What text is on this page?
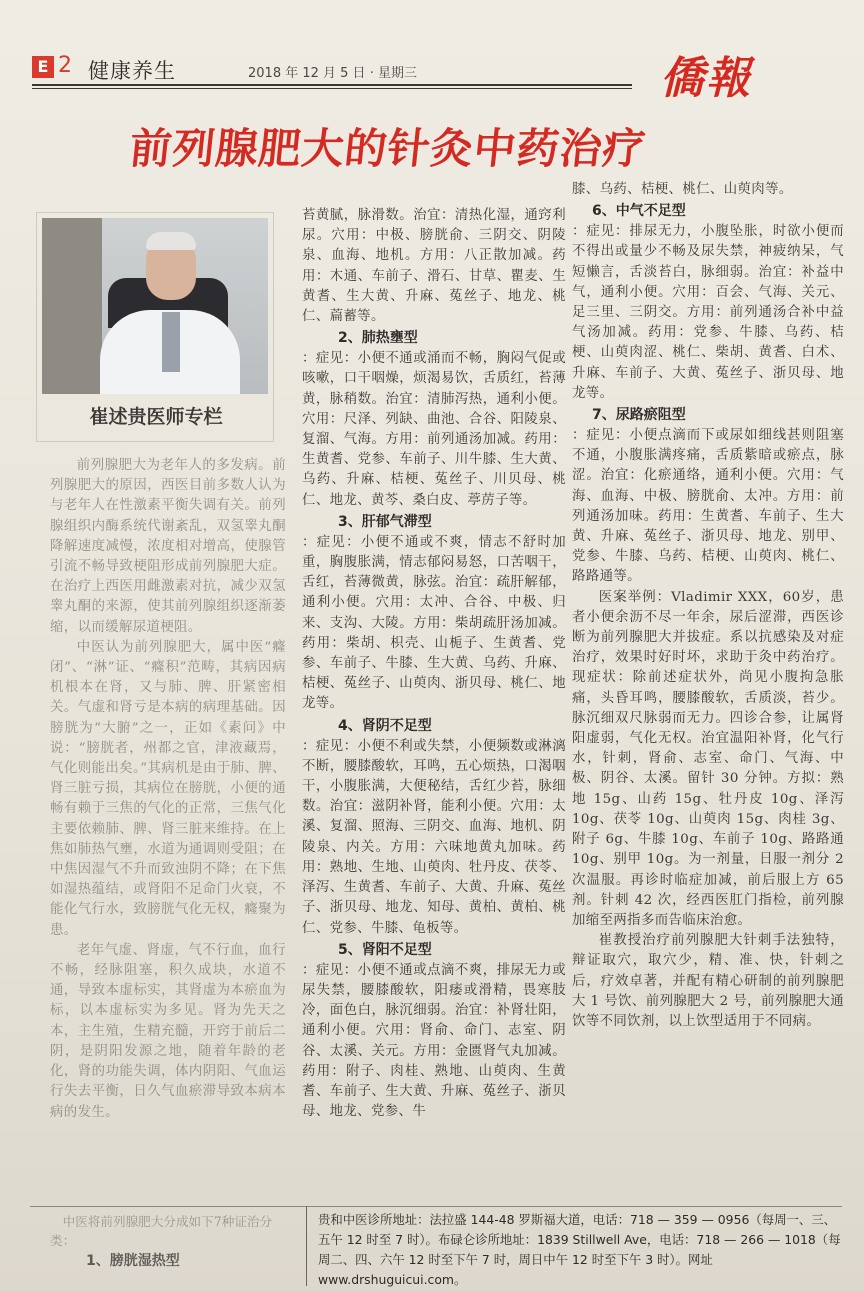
E 2 健康养生	2018 年 12 月 5 日 · 星期三	僑報
前列腺肥大的针灸中药治疗
崔述贵医师专栏

前列腺肥大为老年人的多发病。前列腺肥大的原因，西医目前多数人认为与老年人在性激素平衡失调有关。前列腺组织内酶系统代谢紊乱，双氢睾丸酮降解速度减慢，浓度相对增高，使腺管引流不畅导致梗阻形成前列腺肥大症。在治疗上西医用雌激素对抗，减少双氢睾丸酮的来源，使其前列腺组织逐渐萎缩，以而缓解尿道梗阻。

中医认为前列腺肥大，属中医“癃闭”、“淋”证、“癃积”范畴，其病因病机根本在肾，又与肺、脾、肝紧密相关。气虚和肾亏是本病的病理基础。因膀胱为“大腑”之一，正如《素问》中说：“膀胱者，州都之官，津液藏焉，气化则能出矣。”其病机是由于肺、脾、肾三脏亏损，其病位在膀胱，小便的通畅有赖于三焦的气化的正常，三焦气化主要依赖肺、脾、肾三脏来维持。在上焦如肺热气壅，水道为通调则受阻；在中焦因湿气不升而致浊阴不降；在下焦如湿热蕴结，或肾阳不足命门火衰，不能化气行水，致膀胱气化无权，癃聚为患。

老年气虚、肾虚，气不行血，血行不畅，经脉阻塞，积久成块，水道不通，导致本虚标实，其肾虚为本瘀血为标，以本虚标实为多见。肾为先天之本，主生殖，生精充髓，开窍于前后二阴，是阴阳发源之地，随着年龄的老化，肾的功能失调，体内阴阳、气血运行失去平衡，日久气血瘀滞导致本病本病的发生。

苔黄腻，脉滑数。治宜：清热化湿，通窍利尿。穴用：中极、膀胱俞、三阴交、阴陵泉、血海、地机。方用：八正散加减。药用：木通、车前子、滑石、甘草、瞿麦、生黄耆、生大黄、升麻、菟丝子、地龙、桃仁、萹蓄等。

2、肺热壅型

：症见：小便不通或涌而不畅，胸闷气促或咳嗽，口干咽燥，烦渴易饮，舌质红，苔薄黄，脉稍数。治宜：清肺泻热，通利小便。穴用：尺泽、列缺、曲池、合谷、阳陵泉、复溜、气海。方用：前列通汤加减。药用：生黄耆、党参、车前子、川牛膝、生大黄、乌药、升麻、桔梗、菟丝子、川贝母、桃仁、地龙、黄芩、桑白皮、葶苈子等。

3、肝郁气滞型

：症见：小便不通或不爽，情志不舒时加重，胸腹胀满，情志郁闷易怒，口苦咽干，舌红，苔薄微黄，脉弦。治宜：疏肝解郁，通利小便。穴用：太冲、合谷、中极、归来、支沟、大陵。方用：柴胡疏肝汤加减。药用：柴胡、枳壳、山栀子、生黄耆、党参、车前子、牛膝、生大黄、乌药、升麻、桔梗、菟丝子、山萸肉、浙贝母、桃仁、地龙等。

4、肾阴不足型

：症见：小便不利或失禁，小便频数或淋漓不断，腰膝酸软，耳鸣，五心烦热，口渴咽干，小腹胀满，大便秘结，舌红少苔，脉细数。治宜：滋阴补肾，能利小便。穴用：太溪、复溜、照海、三阴交、血海、地机、阴陵泉、内关。方用：六味地黄丸加味。药用：熟地、生地、山萸肉、牡丹皮、茯苓、泽泻、生黄耆、车前子、大黄、升麻、菟丝子、浙贝母、地龙、知母、黄柏、黄柏、桃仁、党参、牛膝、龟板等。

5、肾阳不足型

：症见：小便不通或点滴不爽，排尿无力或尿失禁，腰膝酸软，阳痿或滑精，畏寒肢冷，面色白，脉沉细弱。治宜：补肾壮阳，通利小便。穴用：肾俞、命门、志室、阴谷、太溪、关元。方用：金匮肾气丸加减。药用：附子、肉桂、熟地、山萸肉、生黄耆、车前子、生大黄、升麻、菟丝子、浙贝母、地龙、党参、牛

膝、乌药、桔梗、桃仁、山萸肉等。

6、中气不足型

：症见：排尿无力，小腹坠胀，时欲小便而不得出或量少不畅及尿失禁，神疲纳呆，气短懒言，舌淡苔白，脉细弱。治宜：补益中气，通利小便。穴用：百会、气海、关元、足三里、三阴交。方用：前列通汤合补中益气汤加减。药用：党参、牛膝、乌药、桔梗、山萸肉涩、桃仁、柴胡、黄耆、白术、升麻、车前子、大黄、菟丝子、浙贝母、地龙等。

7、尿路瘀阻型

：症见：小便点滴而下或尿如细线甚则阻塞不通，小腹胀满疼痛，舌质紫暗或瘀点，脉涩。治宜：化瘀通络，通利小便。穴用：气海、血海、中极、膀胱俞、太冲。方用：前列通汤加味。药用：生黄耆、车前子、生大黄、升麻、菟丝子、浙贝母、地龙、别甲、党参、牛膝、乌药、桔梗、山萸肉、桃仁、路路通等。

医案举例：Vladimir XXX，60岁，患者小便余沥不尽一年余，尿后涩滞，西医诊断为前列腺肥大并拔症。系以抗感染及对症治疗，效果时好时坏，求助于灸中药治疗。现症状：除前述症状外，尚见小腹拘急胀痛，头昏耳鸣，腰膝酸软，舌质淡，苔少。脉沉细双尺脉弱而无力。四诊合参，让属肾阳虚弱，气化无权。治宜温阳补肾，化气行水，针刺，肾俞、志室、命门、气海、中极、阴谷、太溪。留针 30 分钟。方拟：熟地 15g、山药 15g、牡丹皮 10g、泽泻 10g、茯苓 10g、山萸肉 15g、肉桂 3g、附子 6g、牛膝 10g、车前子 10g、路路通 10g、别甲 10g。为一剂量，日服一剂分 2 次温服。再诊时临症加减，前后服上方 65 剂。针刺 42 次，经西医肛门指检，前列腺加缩至两指多而告临床治愈。

崔教授治疗前列腺肥大针刺手法独特，辩证取穴，取穴少，精、准、快，针刺之后，疗效卓著，并配有精心研制的前列腺肥大 1 号饮、前列腺肥大 2 号，前列腺肥大通饮等不同饮剂，以上饮型适用于不同病。

中医将前列腺肥大分成如下7种证治分类：

1、膀胱湿热型
贵和中医诊所地址：法拉盛 144-48 罗斯福大道，电话：718 — 359 — 0956（每周一、三、五午 12 时至 7 时）。布碌仑诊所地址：1839 Stillwell Ave，电话：718 — 266 — 1018（每周二、四、六午 12 时至下午 7 时，周日中午 12 时至下午 3 时）。网址 www.drshuguicui.com。
